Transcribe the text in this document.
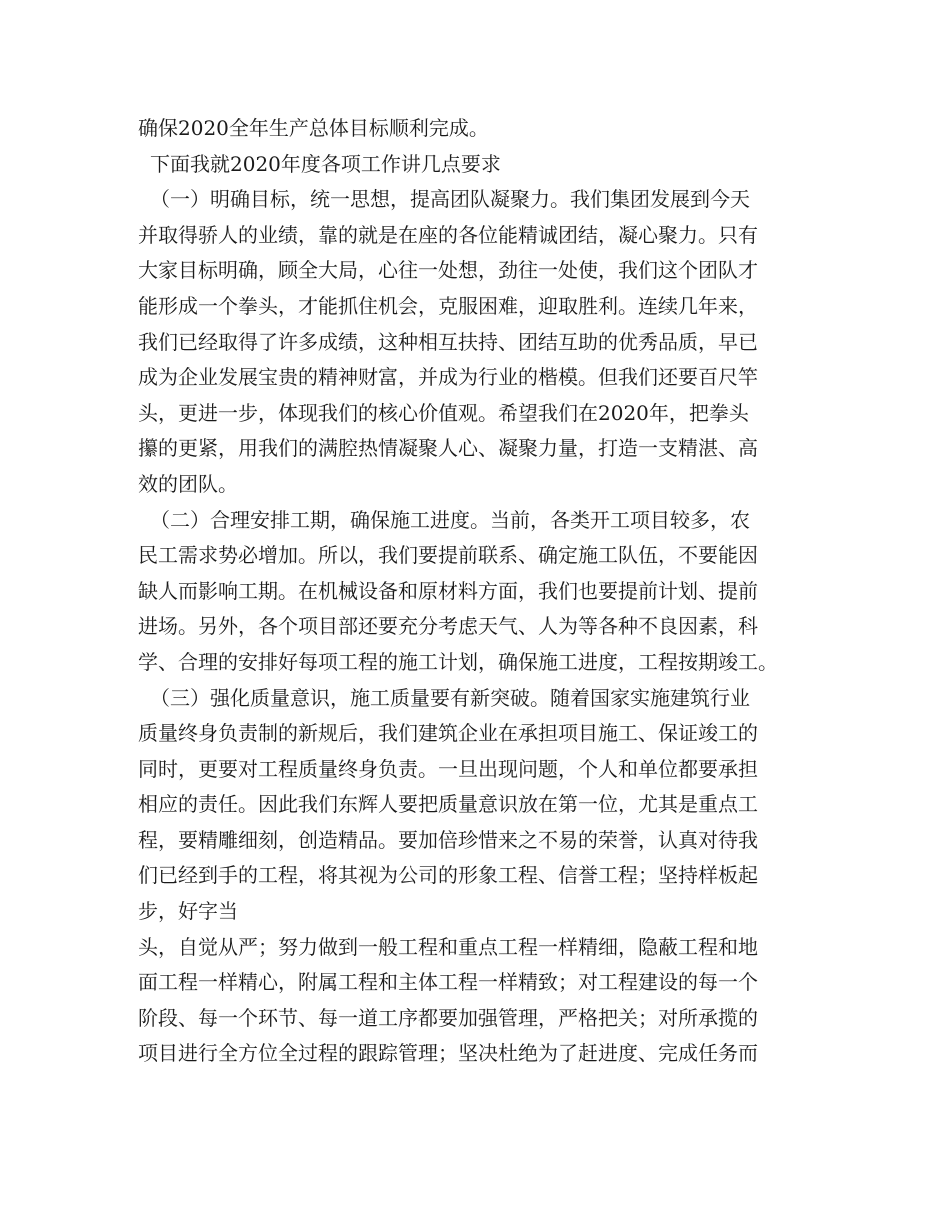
确保2020全年生产总体目标顺利完成。
下面我就2020年度各项工作讲几点要求
（一）明确目标，统一思想，提高团队凝聚力。我们集团发展到今天
并取得骄人的业绩，靠的就是在座的各位能精诚团结，凝心聚力。只有
大家目标明确，顾全大局，心往一处想，劲往一处使，我们这个团队才
能形成一个拳头，才能抓住机会，克服困难，迎取胜利。连续几年来，
我们已经取得了许多成绩，这种相互扶持、团结互助的优秀品质，早已
成为企业发展宝贵的精神财富，并成为行业的楷模。但我们还要百尺竿
头，更进一步，体现我们的核心价值观。希望我们在2020年，把拳头
攥的更紧，用我们的满腔热情凝聚人心、凝聚力量，打造一支精湛、高
效的团队。
（二）合理安排工期，确保施工进度。当前，各类开工项目较多，农
民工需求势必增加。所以，我们要提前联系、确定施工队伍，不要能因
缺人而影响工期。在机械设备和原材料方面，我们也要提前计划、提前
进场。另外，各个项目部还要充分考虑天气、人为等各种不良因素，科
学、合理的安排好每项工程的施工计划，确保施工进度，工程按期竣工。
（三）强化质量意识，施工质量要有新突破。随着国家实施建筑行业
质量终身负责制的新规后，我们建筑企业在承担项目施工、保证竣工的
同时，更要对工程质量终身负责。一旦出现问题，个人和单位都要承担
相应的责任。因此我们东辉人要把质量意识放在第一位，尤其是重点工
程，要精雕细刻，创造精品。要加倍珍惜来之不易的荣誉，认真对待我
们已经到手的工程，将其视为公司的形象工程、信誉工程；坚持样板起
步，好字当
头，自觉从严；努力做到一般工程和重点工程一样精细，隐蔽工程和地
面工程一样精心，附属工程和主体工程一样精致；对工程建设的每一个
阶段、每一个环节、每一道工序都要加强管理，严格把关；对所承揽的
项目进行全方位全过程的跟踪管理；坚决杜绝为了赶进度、完成任务而
